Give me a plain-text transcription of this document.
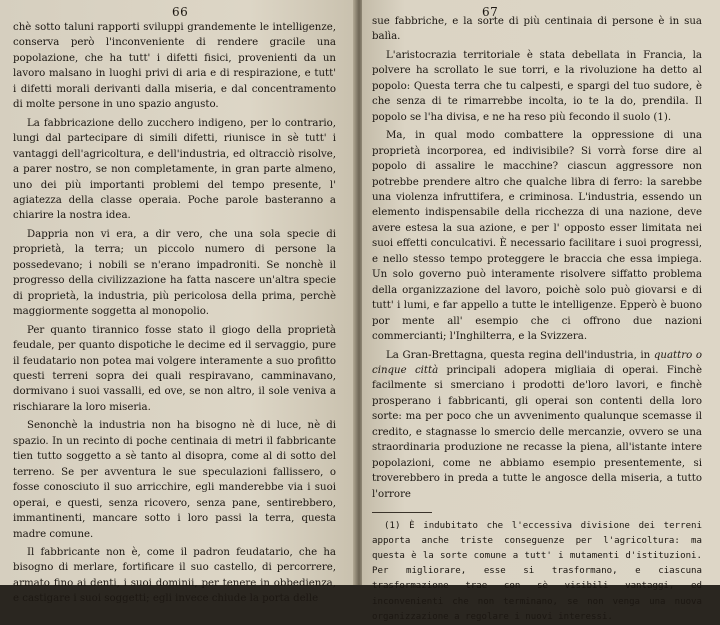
66

chè sotto taluni rapporti sviluppi grandemente le intelligenze, conserva però l'inconveniente di rendere gracile una popolazione, che ha tutt' i difetti fisici, provenienti da un lavoro malsano in luoghi privi di aria e di respirazione, e tutt' i difetti morali derivanti dalla miseria, e dal concentramento di molte persone in uno spazio angusto.

La fabbricazione dello zucchero indigeno, per lo contrario, lungi dal partecipare di simili difetti, riunisce in sè tutt' i vantaggi dell'agricoltura, e dell'industria, ed oltracciò risolve, a parer nostro, se non completamente, in gran parte almeno, uno dei più importanti problemi del tempo presente, l' agiatezza della classe operaia. Poche parole basteranno a chiarire la nostra idea.

Dappria non vi era, a dir vero, che una sola specie di proprietà, la terra; un piccolo numero di persone la possedevano; i nobili se n'erano impadroniti. Se nonchè il progresso della civilizzazione ha fatta nascere un'altra specie di proprietà, la industria, più pericolosa della prima, perchè maggiormente soggetta al monopolio.

Per quanto tirannico fosse stato il giogo della proprietà feudale, per quanto dispotiche le decime ed il servaggio, pure il feudatario non potea mai volgere interamente a suo profitto questi terreni sopra dei quali respiravano, camminavano, dormivano i suoi vassalli, ed ove, se non altro, il sole veniva a rischiarare la loro miseria.

Senonchè la industria non ha bisogno nè di luce, nè di spazio. In un recinto di poche centinaia di metri il fabbricante tien tutto soggetto a sè tanto al disopra, come al di sotto del terreno. Se per avventura le sue speculazioni fallissero, o fosse conosciuto il suo arricchire, egli manderebbe via i suoi operai, e questi, senza ricovero, senza pane, sentirebbero, immantinenti, mancare sotto i loro passi la terra, questa madre comune.

Il fabbricante non è, come il padron feudatario, che ha bisogno di merlare, fortificare il suo castello, di percorrere, armato fino ai denti, i suoi dominii, per tenere in obbedienza, e castigare i suoi soggetti; egli invece chiude la porta delle

67

sue fabbriche, e la sorte di più centinaia di persone è in sua balìa.

L'aristocrazia territoriale è stata debellata in Francia, la polvere ha scrollato le sue torri, e la rivoluzione ha detto al popolo: Questa terra che tu calpesti, e spargi del tuo sudore, è che senza di te rimarrebbe incolta, io te la do, prendila. Il popolo se l'ha divisa, e ne ha reso più fecondo il suolo (1).

Ma, in qual modo combattere la oppressione di una proprietà incorporea, ed indivisibile? Si vorrà forse dire al popolo di assalire le macchine? ciascun aggressore non potrebbe prendere altro che qualche libra di ferro: la sarebbe una violenza infruttifera, e criminosa. L'industria, essendo un elemento indispensabile della ricchezza di una nazione, deve avere estesa la sua azione, e per l' opposto esser limitata nei suoi effetti conculcativi. È necessario facilitare i suoi progressi, e nello stesso tempo proteggere le braccia che essa impiega. Un solo governo può interamente risolvere siffatto problema della organizzazione del lavoro, poichè solo può giovarsi e di tutt' i lumi, e far appello a tutte le intelligenze. Epperò è buono por mente all' esempio che ci offrono due nazioni commercianti; l'Inghilterra, e la Svizzera.

La Gran-Brettagna, questa regina dell'industria, in quattro o cinque città principali adopera migliaia di operai. Finchè facilmente si smerciano i prodotti de'loro lavori, e finchè prosperano i fabbricanti, gli operai son contenti della loro sorte: ma per poco che un avvenimento qualunque scemasse il credito, e stagnasse lo smercio delle mercanzie, ovvero se una straordinaria produzione ne recasse la piena, all'istante intere popolazioni, come ne abbiamo esempio presentemente, si troverebbero in preda a tutte le angosce della miseria, a tutto l'orrore

(1) È indubitato che l'eccessiva divisione dei terreni apporta anche triste conseguenze per l'agricoltura: ma questa è la sorte comune a tutt' i mutamenti d'istituzioni. Per migliorare, esse si trasformano, e ciascuna trasformazione trae con sè visibili vantaggi, ed inconvenienti che non terminano, se non venga una nuova organizzazione a regolare i nuovi interessi.
